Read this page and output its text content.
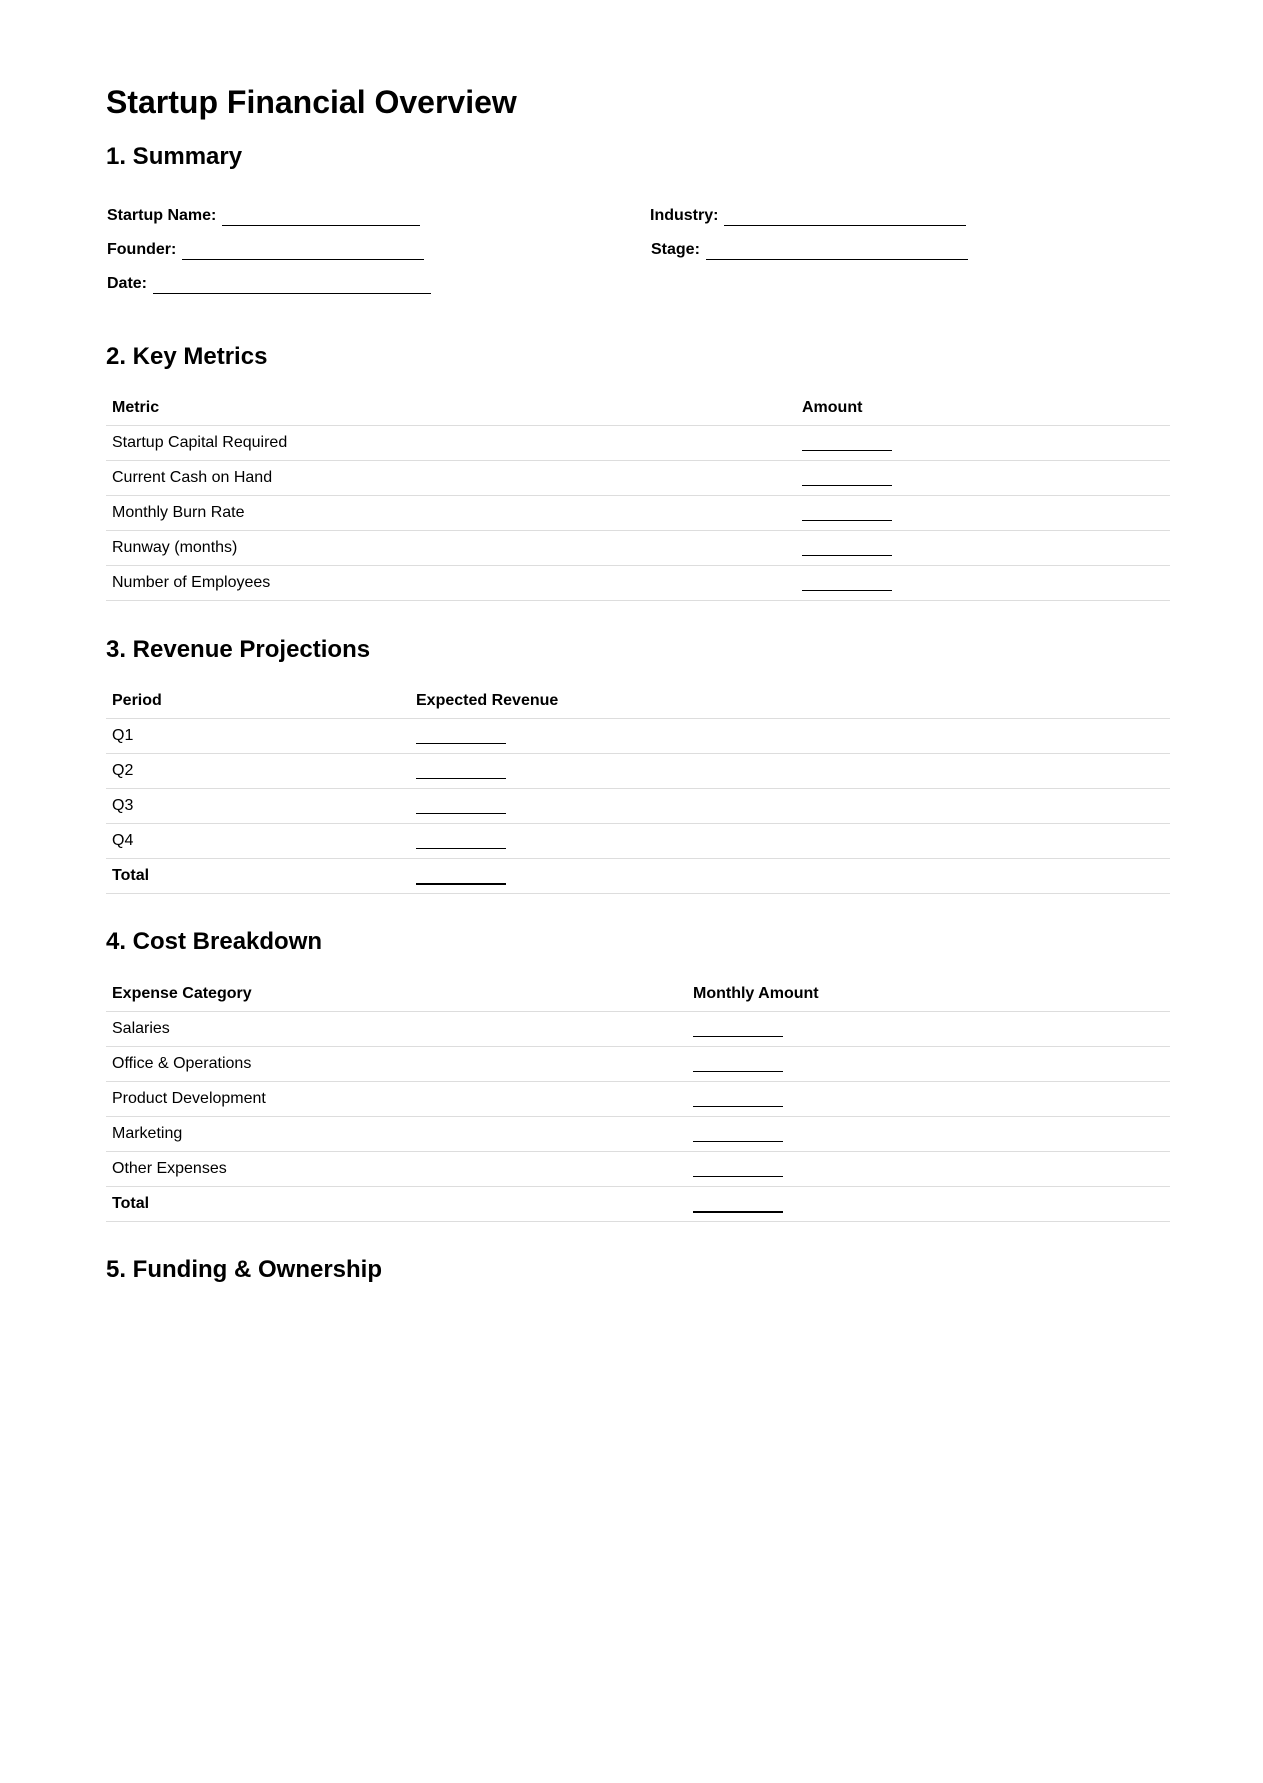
Startup Financial Overview
1. Summary
Startup Name:	Industry:
Founder:	Stage:
Date:
2. Key Metrics
Metric	Amount
Startup Capital Required	
Current Cash on Hand	
Monthly Burn Rate	
Runway (months)	
Number of Employees	
3. Revenue Projections
Period	Expected Revenue
Q1	
Q2	
Q3	
Q4	
Total	
4. Cost Breakdown
Expense Category	Monthly Amount
Salaries	
Office & Operations	
Product Development	
Marketing	
Other Expenses	
Total	
5. Funding & Ownership
